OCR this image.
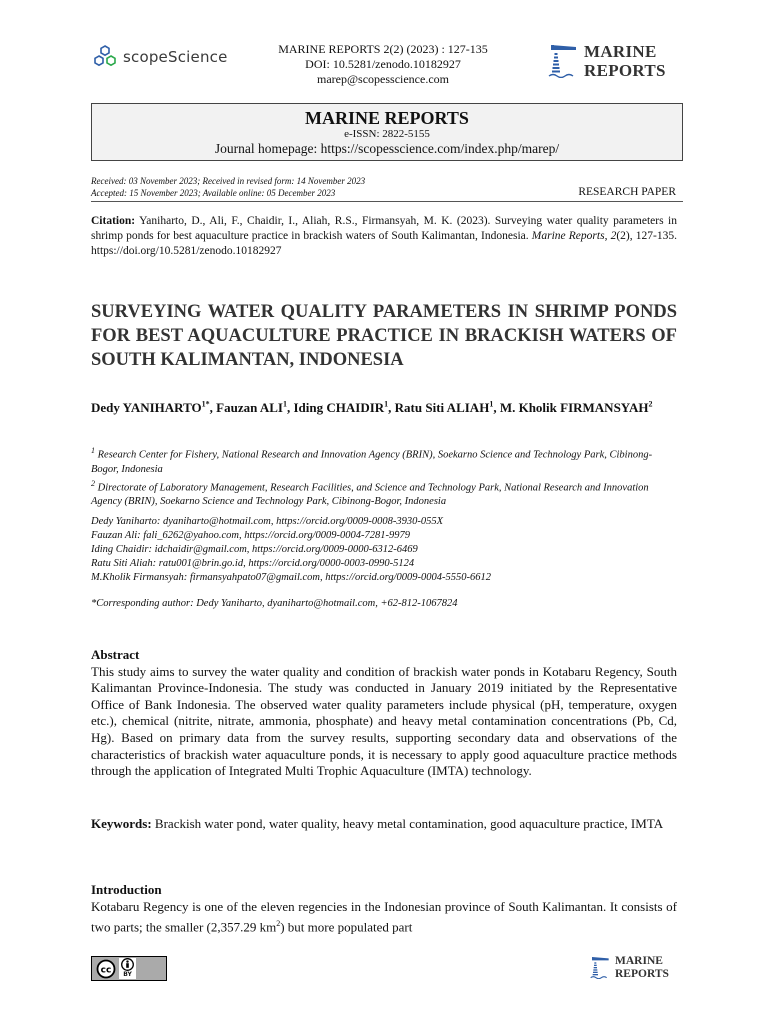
scopeScience	MARINE REPORTS 2(2) (2023) : 127-135
DOI: 10.5281/zenodo.10182927
marep@scopesscience.com
MARINE
REPORTS
MARINE REPORTS
e-ISSN: 2822-5155
Journal homepage: https://scopesscience.com/index.php/marep/
Received: 03 November 2023; Received in revised form: 14 November 2023
Accepted: 15 November 2023; Available online: 05 December 2023	RESEARCH PAPER
Citation: Yaniharto, D., Ali, F., Chaidir, I., Aliah, R.S., Firmansyah, M. K. (2023). Surveying water quality parameters in shrimp ponds for best aquaculture practice in brackish waters of South Kalimantan, Indonesia. Marine Reports, 2(2), 127-135. https://doi.org/10.5281/zenodo.10182927
SURVEYING WATER QUALITY PARAMETERS IN SHRIMP PONDS FOR BEST AQUACULTURE PRACTICE IN BRACKISH WATERS OF SOUTH KALIMANTAN, INDONESIA
Dedy $YANIHARTO^{1*}$, Fauzan ALI$^1$, Iding CHAIDIR$^1$, Ratu Siti ALIAH$^1$, M. Kholik FIRMANSYAH$^2$

$^1$ Research Center for Fishery, National Research and Innovation Agency (BRIN), Soekarno Science and Technology Park, Cibinong-Bogor, Indonesia

$^2$ Directorate of Laboratory Management, Research Facilities, and Science and Technology Park, National Research and Innovation Agency (BRIN), Soekarno Science and Technology Park, Cibinong-Bogor, Indonesia

Dedy Yaniharto: dyaniharto@hotmail.com, https://orcid.org/0009-0008-3930-055X
Fauzan Ali: fali_6262@yahoo.com, https://orcid.org/0009-0004-7281-9979
Iding Chaidir: idchaidir@gmail.com, https://orcid.org/0009-0000-6312-6469
Ratu Siti Aliah: ratu001@brin.go.id, https://orcid.org/0000-0003-0990-5124
M.Kholik Firmansyah: firmansyahpato07@gmail.com, https://orcid.org/0009-0004-5550-6612
*Corresponding author: Dedy Yaniharto, dyaniharto@hotmail.com, +62-812-1067824
Abstract
This study aims to survey the water quality and condition of brackish water ponds in Kotabaru Regency, South Kalimantan Province-Indonesia. The study was conducted in January 2019 initiated by the Representative Office of Bank Indonesia. The observed water quality parameters include physical (pH, temperature, oxygen etc.), chemical (nitrite, nitrate, ammonia, phosphate) and heavy metal contamination concentrations (Pb, Cd, Hg). Based on primary data from the survey results, supporting secondary data and observations of the characteristics of brackish water aquaculture ponds, it is necessary to apply good aquaculture practice methods through the application of Integrated Multi Trophic Aquaculture (IMTA) technology.
Keywords: Brackish water pond, water quality, heavy metal contamination, good aquaculture practice, IMTA
Introduction
Kotabaru Regency is one of the eleven regencies in the Indonesian province of South Kalimantan. It consists of two parts; the smaller (2,357.29 $km^2$) but more populated part
cc BY
MARINE
REPORTS
